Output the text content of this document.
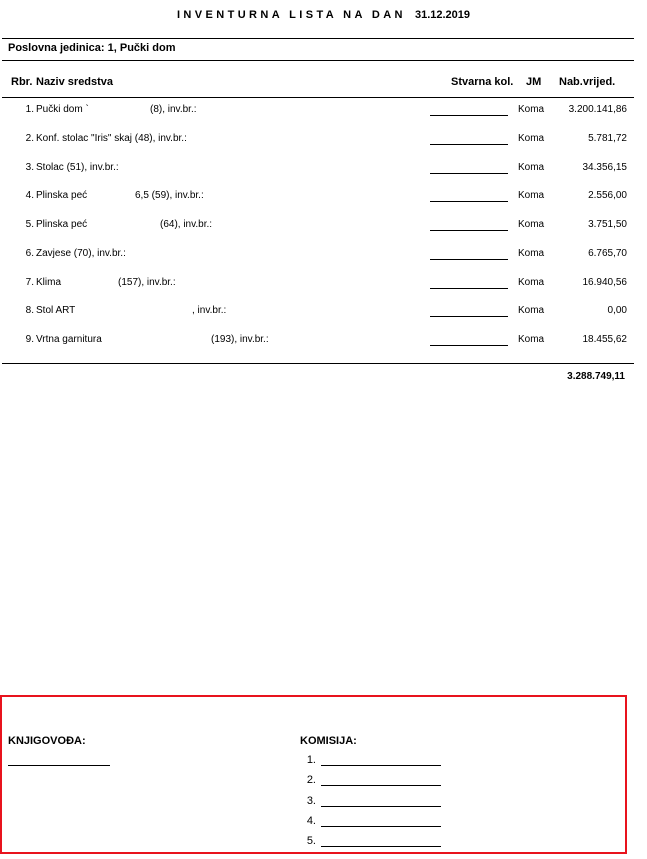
INVENTURNA LISTA NA DAN 31.12.2019
Poslovna jedinica: 1, Pučki dom
Rbr. Naziv sredstva	Stvarna kol. JM Nab.vrijed.
1. Pučki dom `	(8), inv.br.:	Koma	3.200.141,86
2. Konf. stolac "Iris" skaj (48), inv.br.:	Koma	5.781,72
3. Stolac (51), inv.br.:	Koma	34.356,15
4. Plinska peć	6,5 (59), inv.br.:	Koma	2.556,00
5. Plinska peć	(64), inv.br.:	Koma	3.751,50
6. Zavjese (70), inv.br.:	Koma	6.765,70
7. Klima	(157), inv.br.:	Koma	16.940,56
8. Stol ART	, inv.br.:	Koma	0,00
9. Vrtna garnitura	(193), inv.br.:	Koma	18.455,62
3.288.749,11
KNJIGOVOĐA:	KOMISIJA:
1.
2.
3.
4.
5.
